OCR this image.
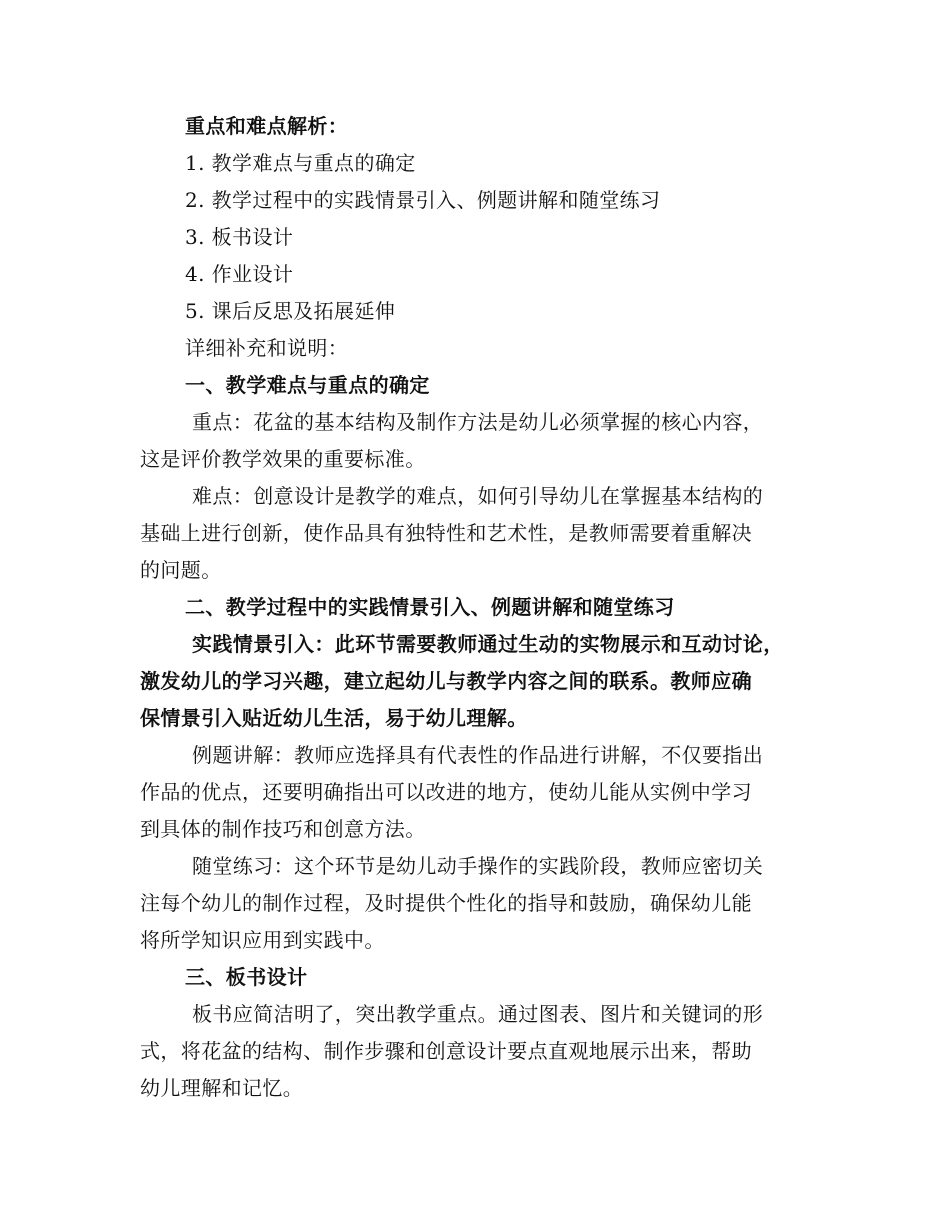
重点和难点解析：
1. 教学难点与重点的确定
2. 教学过程中的实践情景引入、例题讲解和随堂练习
3. 板书设计
4. 作业设计
5. 课后反思及拓展延伸
详细补充和说明：
一、教学难点与重点的确定
重点：花盆的基本结构及制作方法是幼儿必须掌握的核心内容，
这是评价教学效果的重要标准。
难点：创意设计是教学的难点，如何引导幼儿在掌握基本结构的
基础上进行创新，使作品具有独特性和艺术性，是教师需要着重解决
的问题。
二、教学过程中的实践情景引入、例题讲解和随堂练习
实践情景引入：此环节需要教师通过生动的实物展示和互动讨论，
激发幼儿的学习兴趣，建立起幼儿与教学内容之间的联系。教师应确
保情景引入贴近幼儿生活，易于幼儿理解。
例题讲解：教师应选择具有代表性的作品进行讲解，不仅要指出
作品的优点，还要明确指出可以改进的地方，使幼儿能从实例中学习
到具体的制作技巧和创意方法。
随堂练习：这个环节是幼儿动手操作的实践阶段，教师应密切关
注每个幼儿的制作过程，及时提供个性化的指导和鼓励，确保幼儿能
将所学知识应用到实践中。
三、板书设计
板书应简洁明了，突出教学重点。通过图表、图片和关键词的形
式，将花盆的结构、制作步骤和创意设计要点直观地展示出来，帮助
幼儿理解和记忆。
